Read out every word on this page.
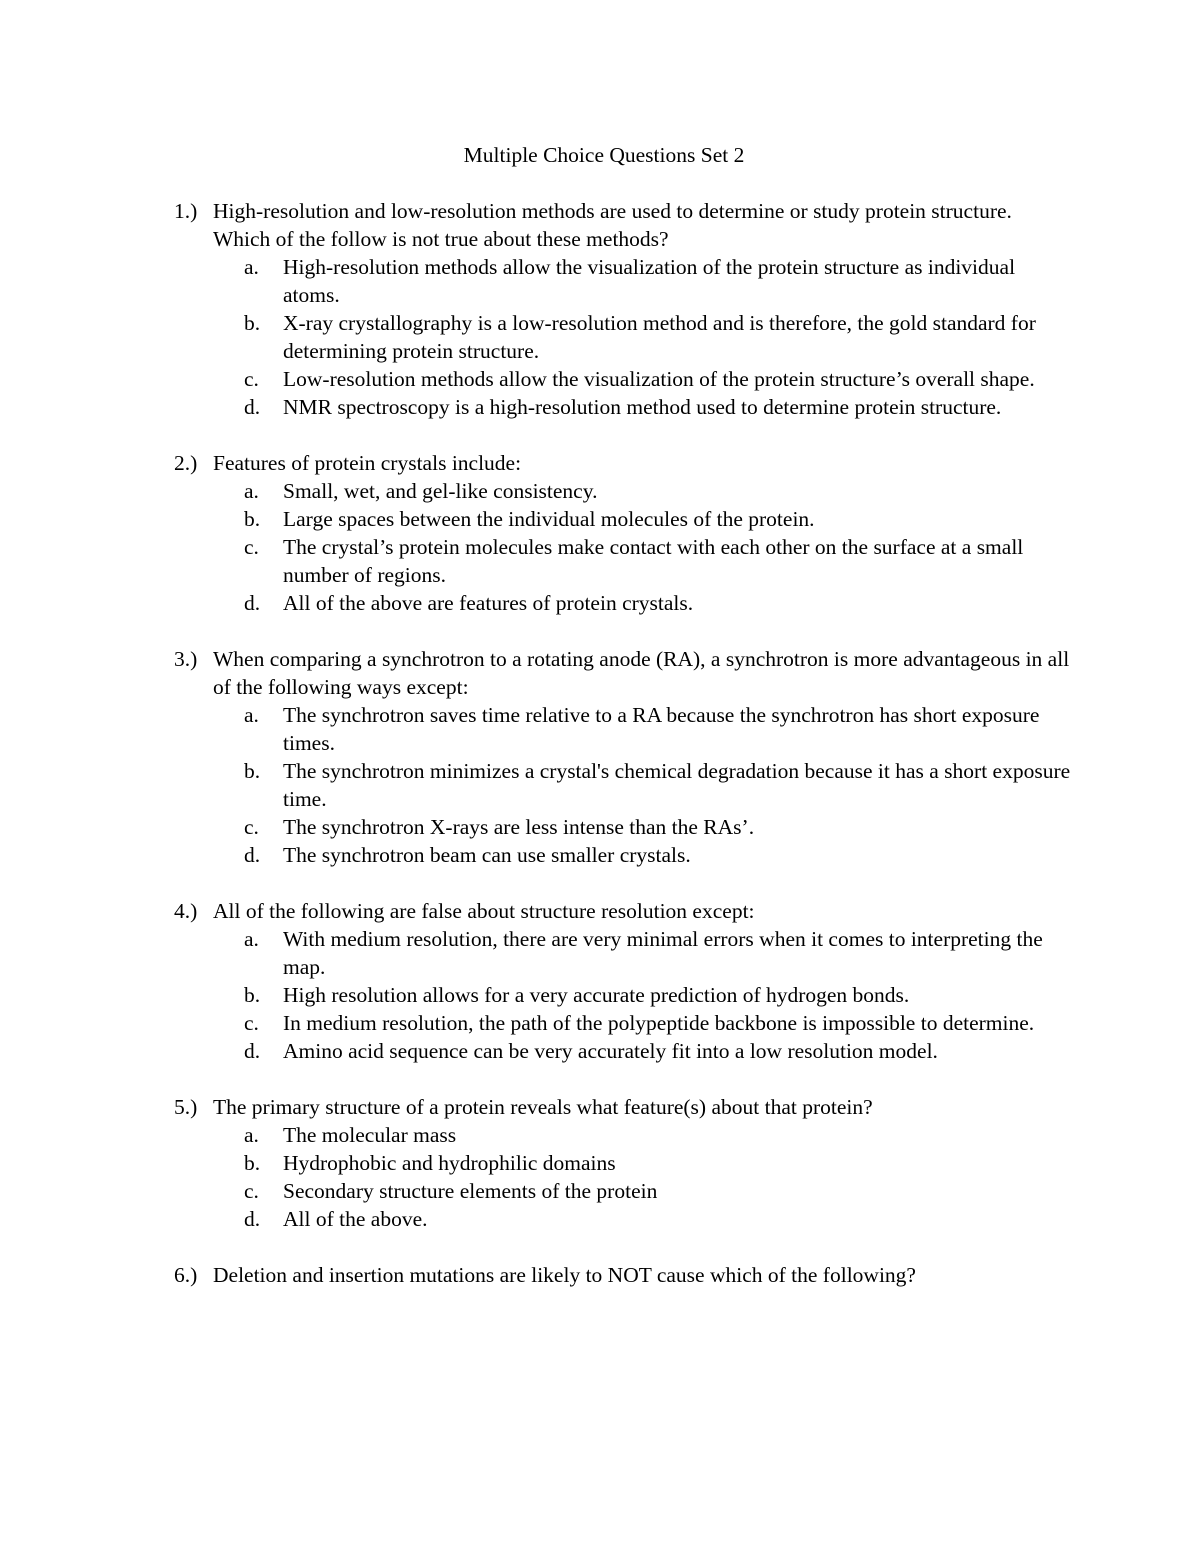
Multiple Choice Questions Set 2
1.) High-resolution and low-resolution methods are used to determine or study protein structure. Which of the follow is not true about these methods?
a.	High-resolution methods allow the visualization of the protein structure as individual atoms.
b.	X-ray crystallography is a low-resolution method and is therefore, the gold standard for determining protein structure.
c.	Low-resolution methods allow the visualization of the protein structure’s overall shape.
d.	NMR spectroscopy is a high-resolution method used to determine protein structure.
2.) Features of protein crystals include:
a.	Small, wet, and gel-like consistency.
b.	Large spaces between the individual molecules of the protein.
c.	The crystal’s protein molecules make contact with each other on the surface at a small number of regions.
d.	All of the above are features of protein crystals.
3.) When comparing a synchrotron to a rotating anode (RA), a synchrotron is more advantageous in all of the following ways except:
a.	The synchrotron saves time relative to a RA because the synchrotron has short exposure times.
b.	The synchrotron minimizes a crystal's chemical degradation because it has a short exposure time.
c.	The synchrotron X-rays are less intense than the RAs’.
d.	The synchrotron beam can use smaller crystals.
4.) All of the following are false about structure resolution except:
a.	With medium resolution, there are very minimal errors when it comes to interpreting the map.
b.	High resolution allows for a very accurate prediction of hydrogen bonds.
c.	In medium resolution, the path of the polypeptide backbone is impossible to determine.
d.	Amino acid sequence can be very accurately fit into a low resolution model.
5.) The primary structure of a protein reveals what feature(s) about that protein?
a.	The molecular mass
b.	Hydrophobic and hydrophilic domains
c.	Secondary structure elements of the protein
d.	All of the above.
6.) Deletion and insertion mutations are likely to NOT cause which of the following?
